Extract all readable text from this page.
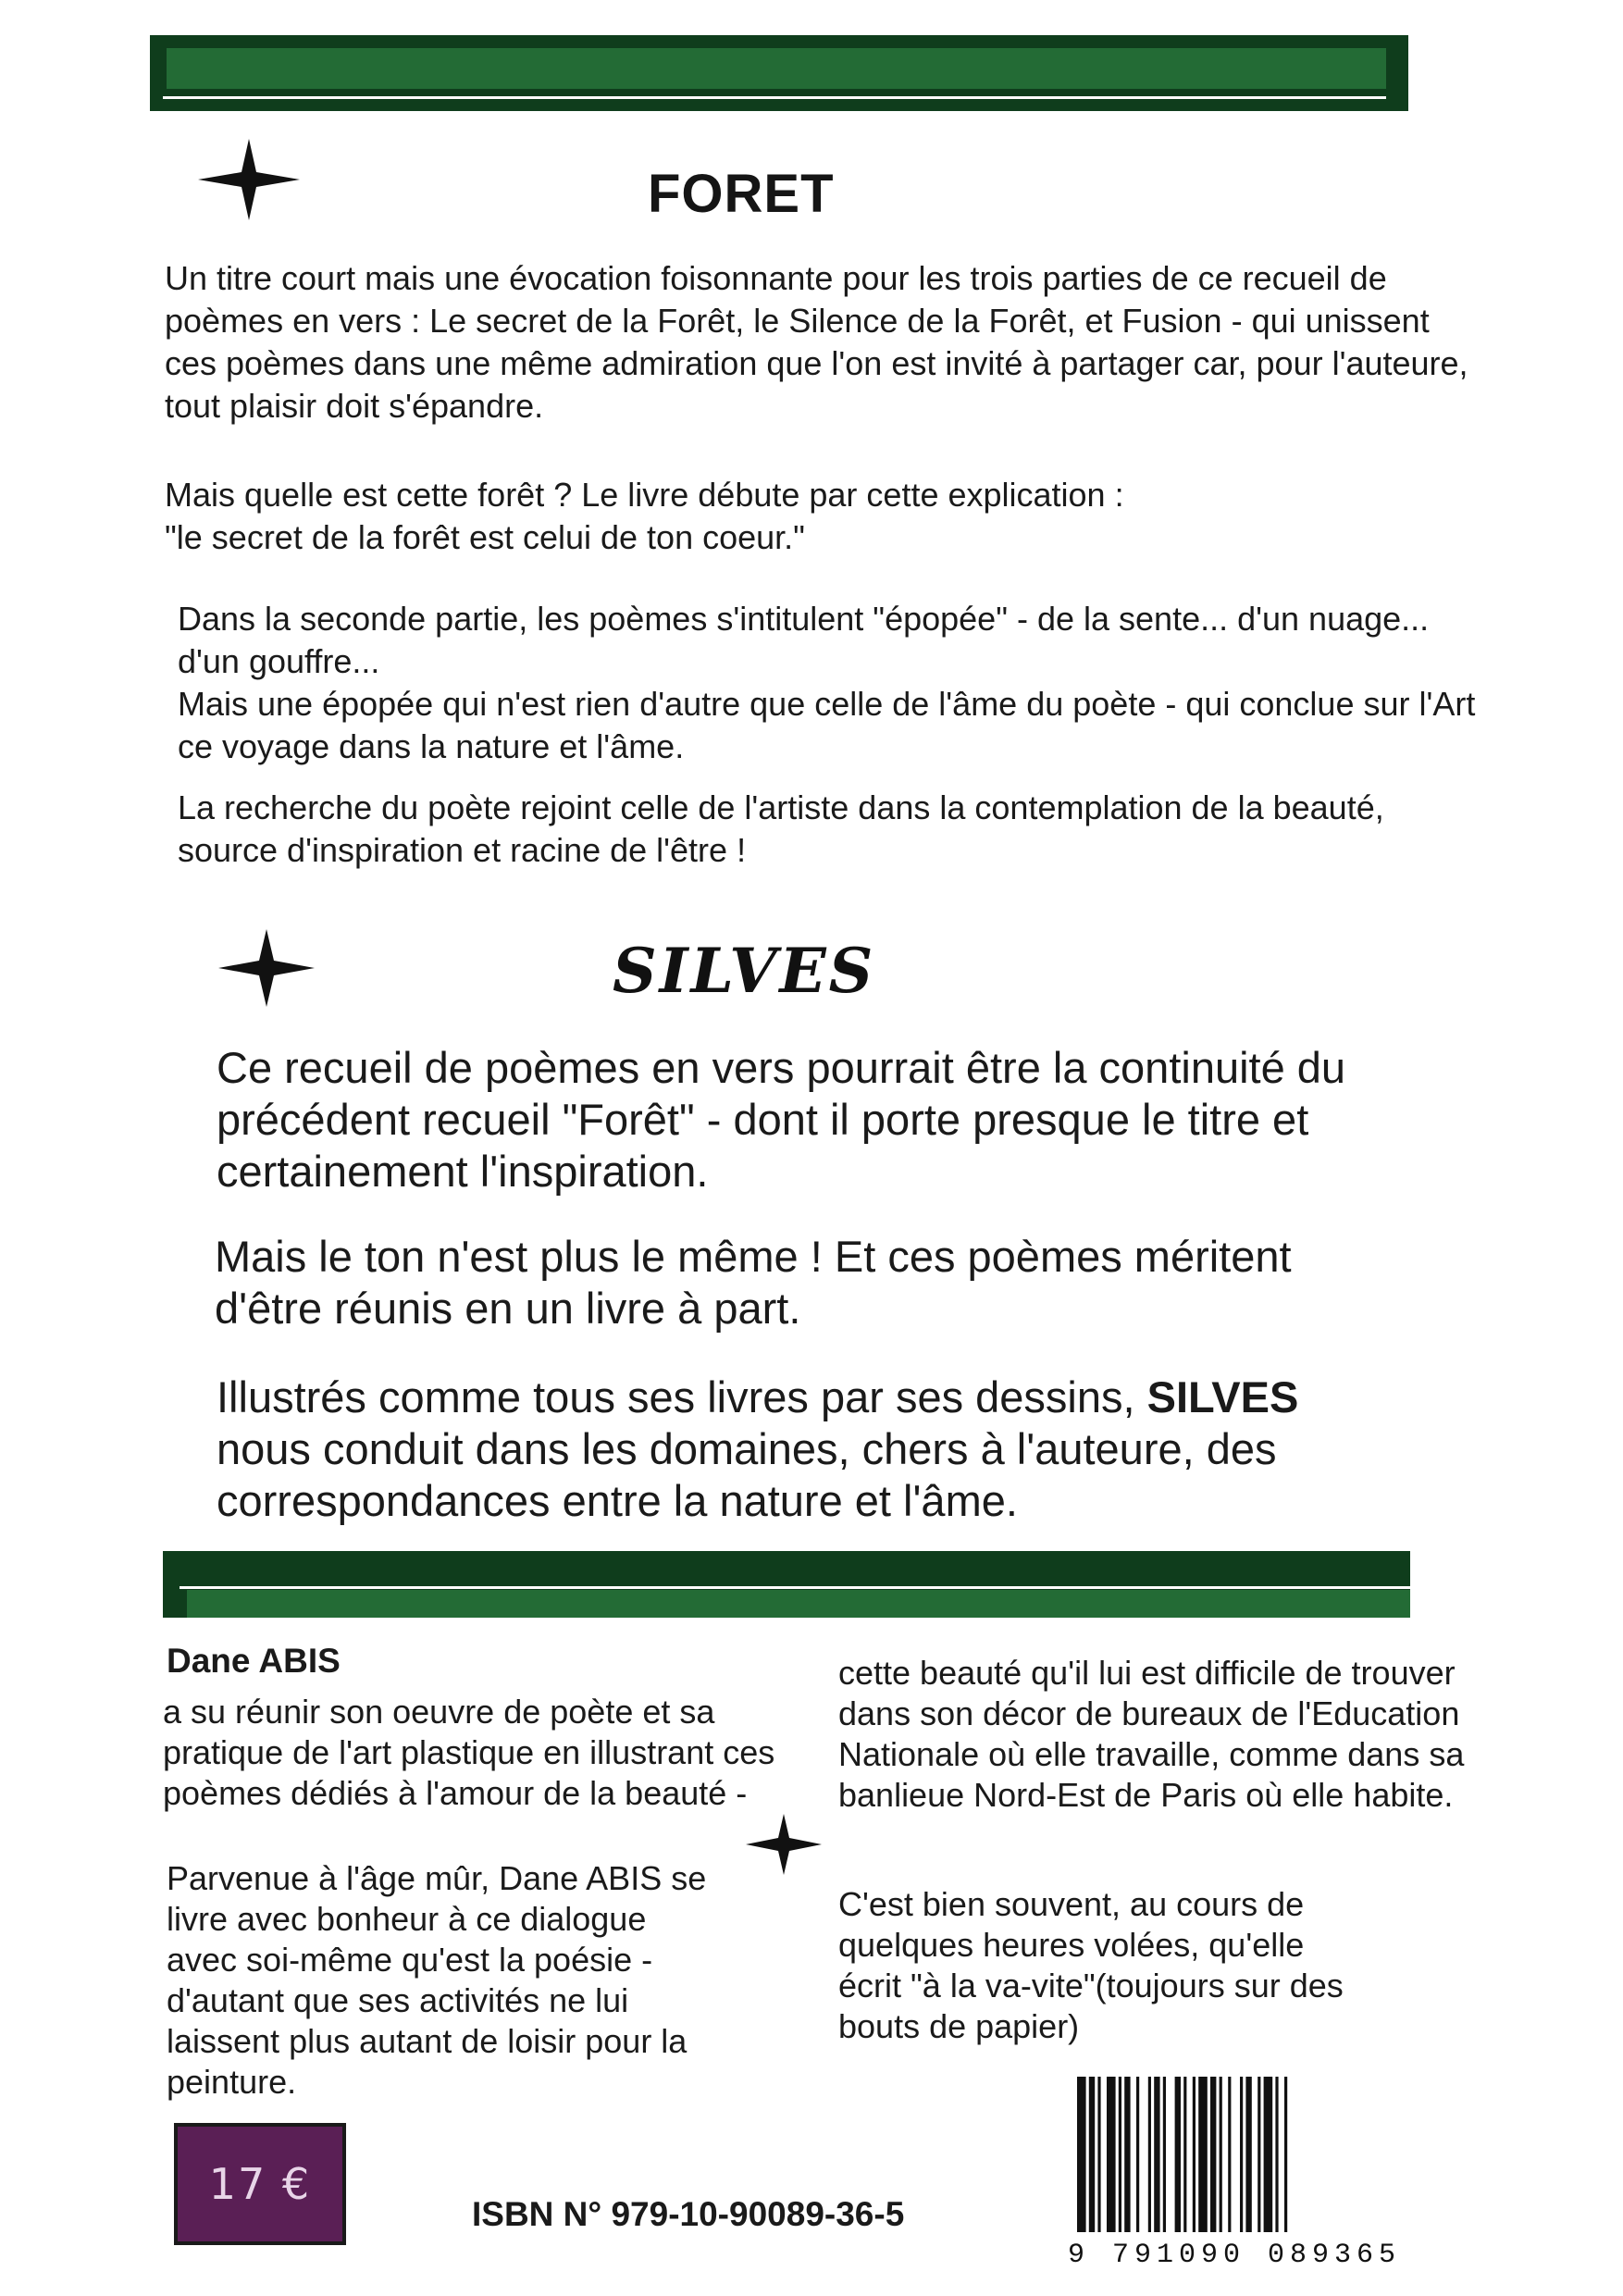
FORET
Un titre court mais une évocation foisonnante pour les trois parties de ce recueil de poèmes en vers : Le secret de la Forêt, le Silence de la Forêt, et Fusion - qui unissent ces poèmes dans une même admiration que l'on est invité à partager car, pour l'auteure, tout plaisir doit s'épandre.
Mais quelle est cette forêt ? Le livre débute par cette explication :
"le secret de la forêt est celui de ton coeur."
Dans la seconde partie, les poèmes s'intitulent "épopée" - de la sente... d'un nuage... d'un gouffre...
Mais une épopée qui n'est rien d'autre que celle de l'âme du poète - qui conclue sur l'Art ce voyage dans la nature et l'âme.
La recherche du poète rejoint celle de l'artiste dans la contemplation de la beauté, source d'inspiration et racine de l'être !
SILVES
Ce recueil de poèmes en vers pourrait être la continuité du précédent recueil "Forêt" - dont il porte presque le titre et certainement l'inspiration.
Mais le ton n'est plus le même ! Et ces poèmes méritent d'être réunis en un livre à part.
Illustrés comme tous ses livres par ses dessins, SILVES nous conduit dans les domaines, chers à l'auteure, des correspondances entre la nature et l'âme.
Dane ABIS
a su réunir son oeuvre de poète et sa pratique de l'art plastique en illustrant ces poèmes dédiés à l'amour de la beauté -
Parvenue à l'âge mûr, Dane ABIS se livre avec bonheur à ce dialogue avec soi-même qu'est la poésie - d'autant que ses activités ne lui laissent plus autant de loisir pour la peinture.
cette beauté qu'il lui est difficile de trouver dans son décor de bureaux de l'Education Nationale où elle travaille, comme dans sa banlieue Nord-Est de Paris où elle habite.
C'est bien souvent, au cours de quelques heures volées, qu'elle écrit "à la va-vite"(toujours sur des bouts de papier)
17 €
ISBN N° 979-10-90089-36-5
9 791090 089365
